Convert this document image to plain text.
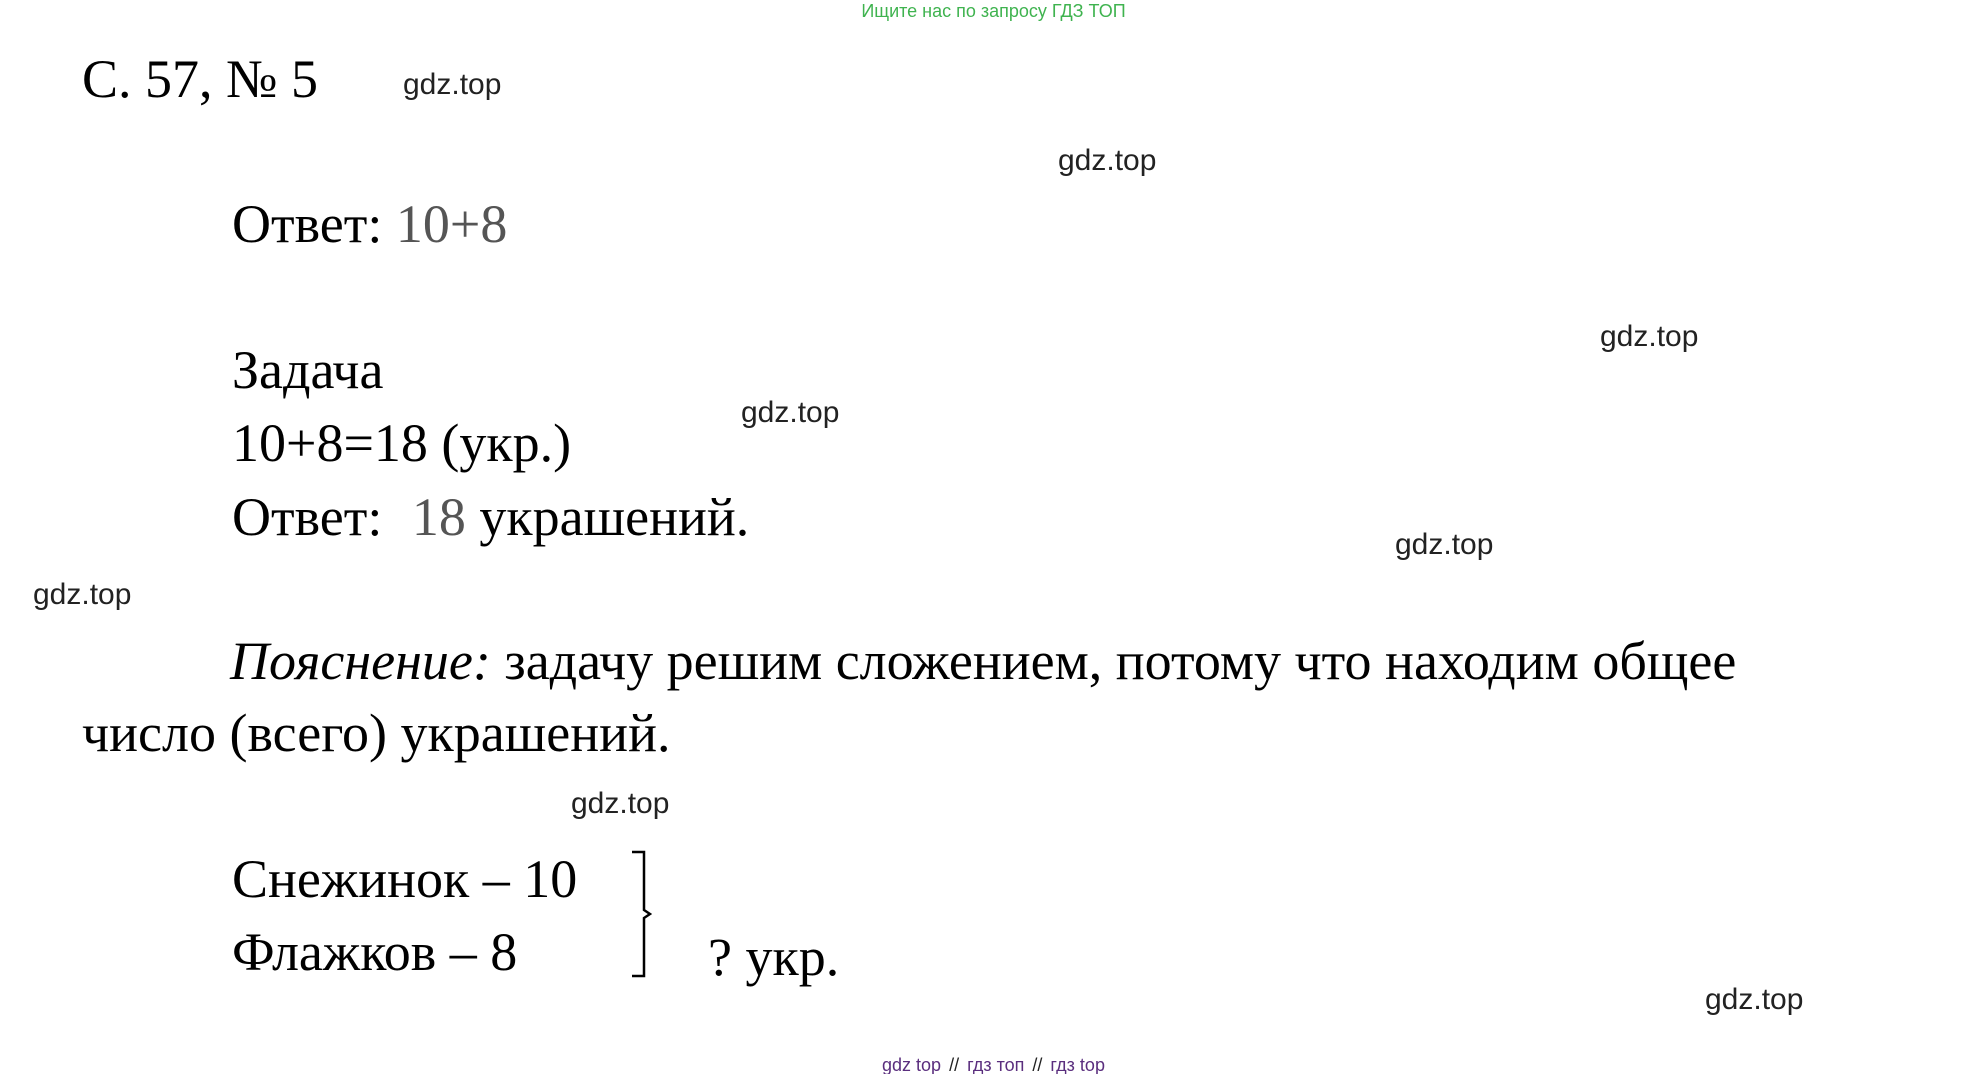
Ищите нас по запросу ГДЗ ТОП
С. 57, № 5
Ответ: 10+8
Задача
10+8=18 (укр.)
Ответ: 18 украшений.
Пояснение: задачу решим сложением, потому что находим общее
число (всего) украшений.
Снежинок – 10
Флажков – 8	? укр.
gdz.top
gdz.top
gdz.top
gdz.top
gdz.top
gdz.top
gdz.top
gdz.top
gdz top // гдз топ // гдз top
